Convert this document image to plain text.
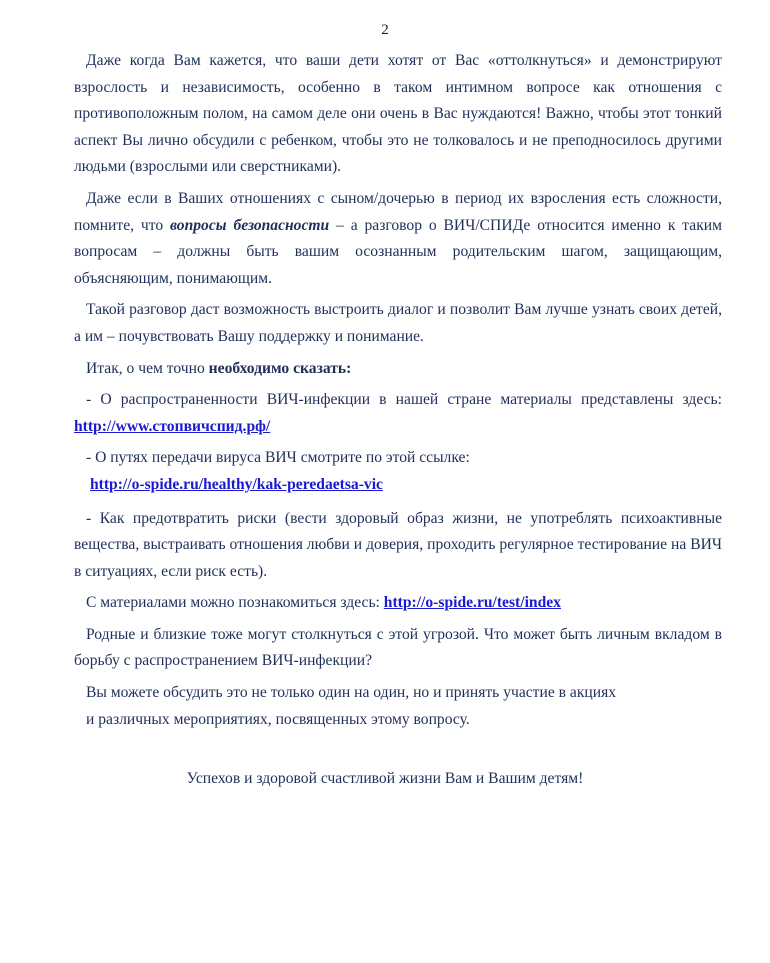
2

Даже когда Вам кажется, что ваши дети хотят от Вас «оттолкнуться» и демонстрируют взрослость и независимость, особенно в таком интимном вопросе как отношения с противоположным полом, на самом деле они очень в Вас нуждаются! Важно, чтобы этот тонкий аспект Вы лично обсудили с ребенком, чтобы это не толковалось и не преподносилось другими людьми (взрослыми или сверстниками).

Даже если в Ваших отношениях с сыном/дочерью в период их взросления есть сложности, помните, что вопросы безопасности – а разговор о ВИЧ/СПИДе относится именно к таким вопросам – должны быть вашим осознанным родительским шагом, защищающим, объясняющим, понимающим.

Такой разговор даст возможность выстроить диалог и позволит Вам лучше узнать своих детей, а им – почувствовать Вашу поддержку и понимание.

Итак, о чем точно необходимо сказать:

- О распространенности ВИЧ-инфекции в нашей стране материалы представлены здесь: http://www.стопвичспид.рф/

- О путях передачи вируса ВИЧ смотрите по этой ссылке:

http://o-spide.ru/healthy/kak-peredaetsa-vic

- Как предотвратить риски (вести здоровый образ жизни, не употреблять психоактивные вещества, выстраивать отношения любви и доверия, проходить регулярное тестирование на ВИЧ в ситуациях, если риск есть).

С материалами можно познакомиться здесь: http://o-spide.ru/test/index

Родные и близкие тоже могут столкнуться с этой угрозой. Что может быть личным вкладом в борьбу с распространением ВИЧ-инфекции?

Вы можете обсудить это не только один на один, но и принять участие в акциях

и различных мероприятиях, посвященных этому вопросу.

Успехов и здоровой счастливой жизни Вам и Вашим детям!
